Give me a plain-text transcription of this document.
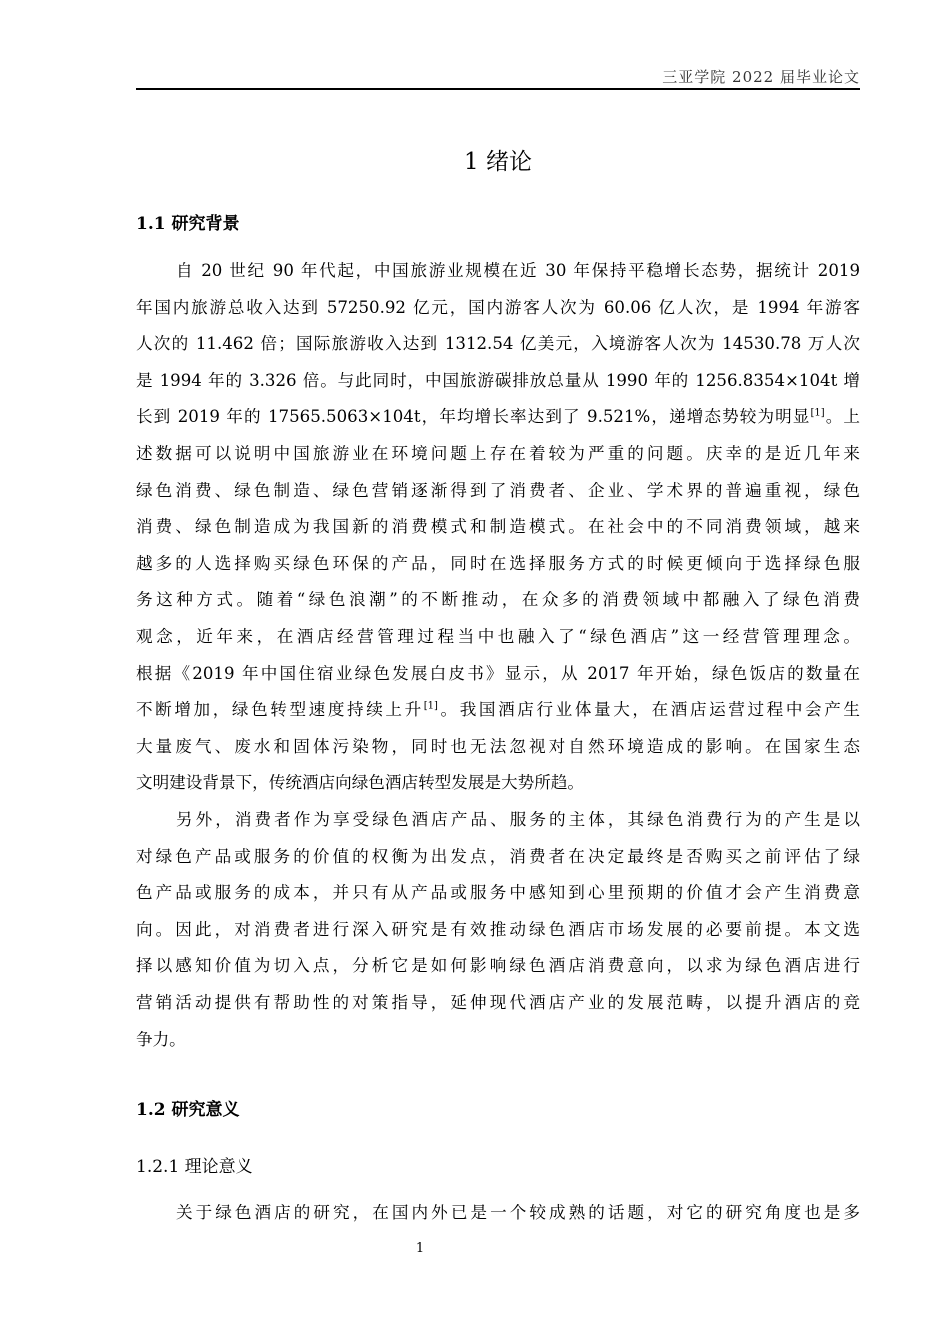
三亚学院 2022 届毕业论文
1 绪论
1.1 研究背景
自 20 世纪 90 年代起，中国旅游业规模在近 30 年保持平稳增长态势，据统计 2019
年国内旅游总收入达到 57250.92 亿元，国内游客人次为 60.06 亿人次，是 1994 年游客
人次的 11.462 倍；国际旅游收入达到 1312.54 亿美元，入境游客人次为 14530.78 万人次
是 1994 年的 3.326 倍。与此同时，中国旅游碳排放总量从 1990 年的 1256.8354×104t 增
长到 2019 年的 17565.5063×104t，年均增长率达到了 9.521%，递增态势较为明显[1]。上
述数据可以说明中国旅游业在环境问题上存在着较为严重的问题。庆幸的是近几年来
绿色消费、绿色制造、绿色营销逐渐得到了消费者、企业、学术界的普遍重视，绿色
消费、绿色制造成为我国新的消费模式和制造模式。在社会中的不同消费领域，越来
越多的人选择购买绿色环保的产品，同时在选择服务方式的时候更倾向于选择绿色服
务这种方式。随着“绿色浪潮”的不断推动，在众多的消费领域中都融入了绿色消费
观念，近年来，在酒店经营管理过程当中也融入了“绿色酒店”这一经营管理理念。
根据《2019 年中国住宿业绿色发展白皮书》显示，从 2017 年开始，绿色饭店的数量在
不断增加，绿色转型速度持续上升[1]。我国酒店行业体量大，在酒店运营过程中会产生
大量废气、废水和固体污染物，同时也无法忽视对自然环境造成的影响。在国家生态
文明建设背景下，传统酒店向绿色酒店转型发展是大势所趋。
另外，消费者作为享受绿色酒店产品、服务的主体，其绿色消费行为的产生是以
对绿色产品或服务的价值的权衡为出发点，消费者在决定最终是否购买之前评估了绿
色产品或服务的成本，并只有从产品或服务中感知到心里预期的价值才会产生消费意
向。因此，对消费者进行深入研究是有效推动绿色酒店市场发展的必要前提。本文选
择以感知价值为切入点，分析它是如何影响绿色酒店消费意向，以求为绿色酒店进行
营销活动提供有帮助性的对策指导，延伸现代酒店产业的发展范畴，以提升酒店的竞
争力。
1.2 研究意义
1.2.1 理论意义
关于绿色酒店的研究，在国内外已是一个较成熟的话题，对它的研究角度也是多
1
